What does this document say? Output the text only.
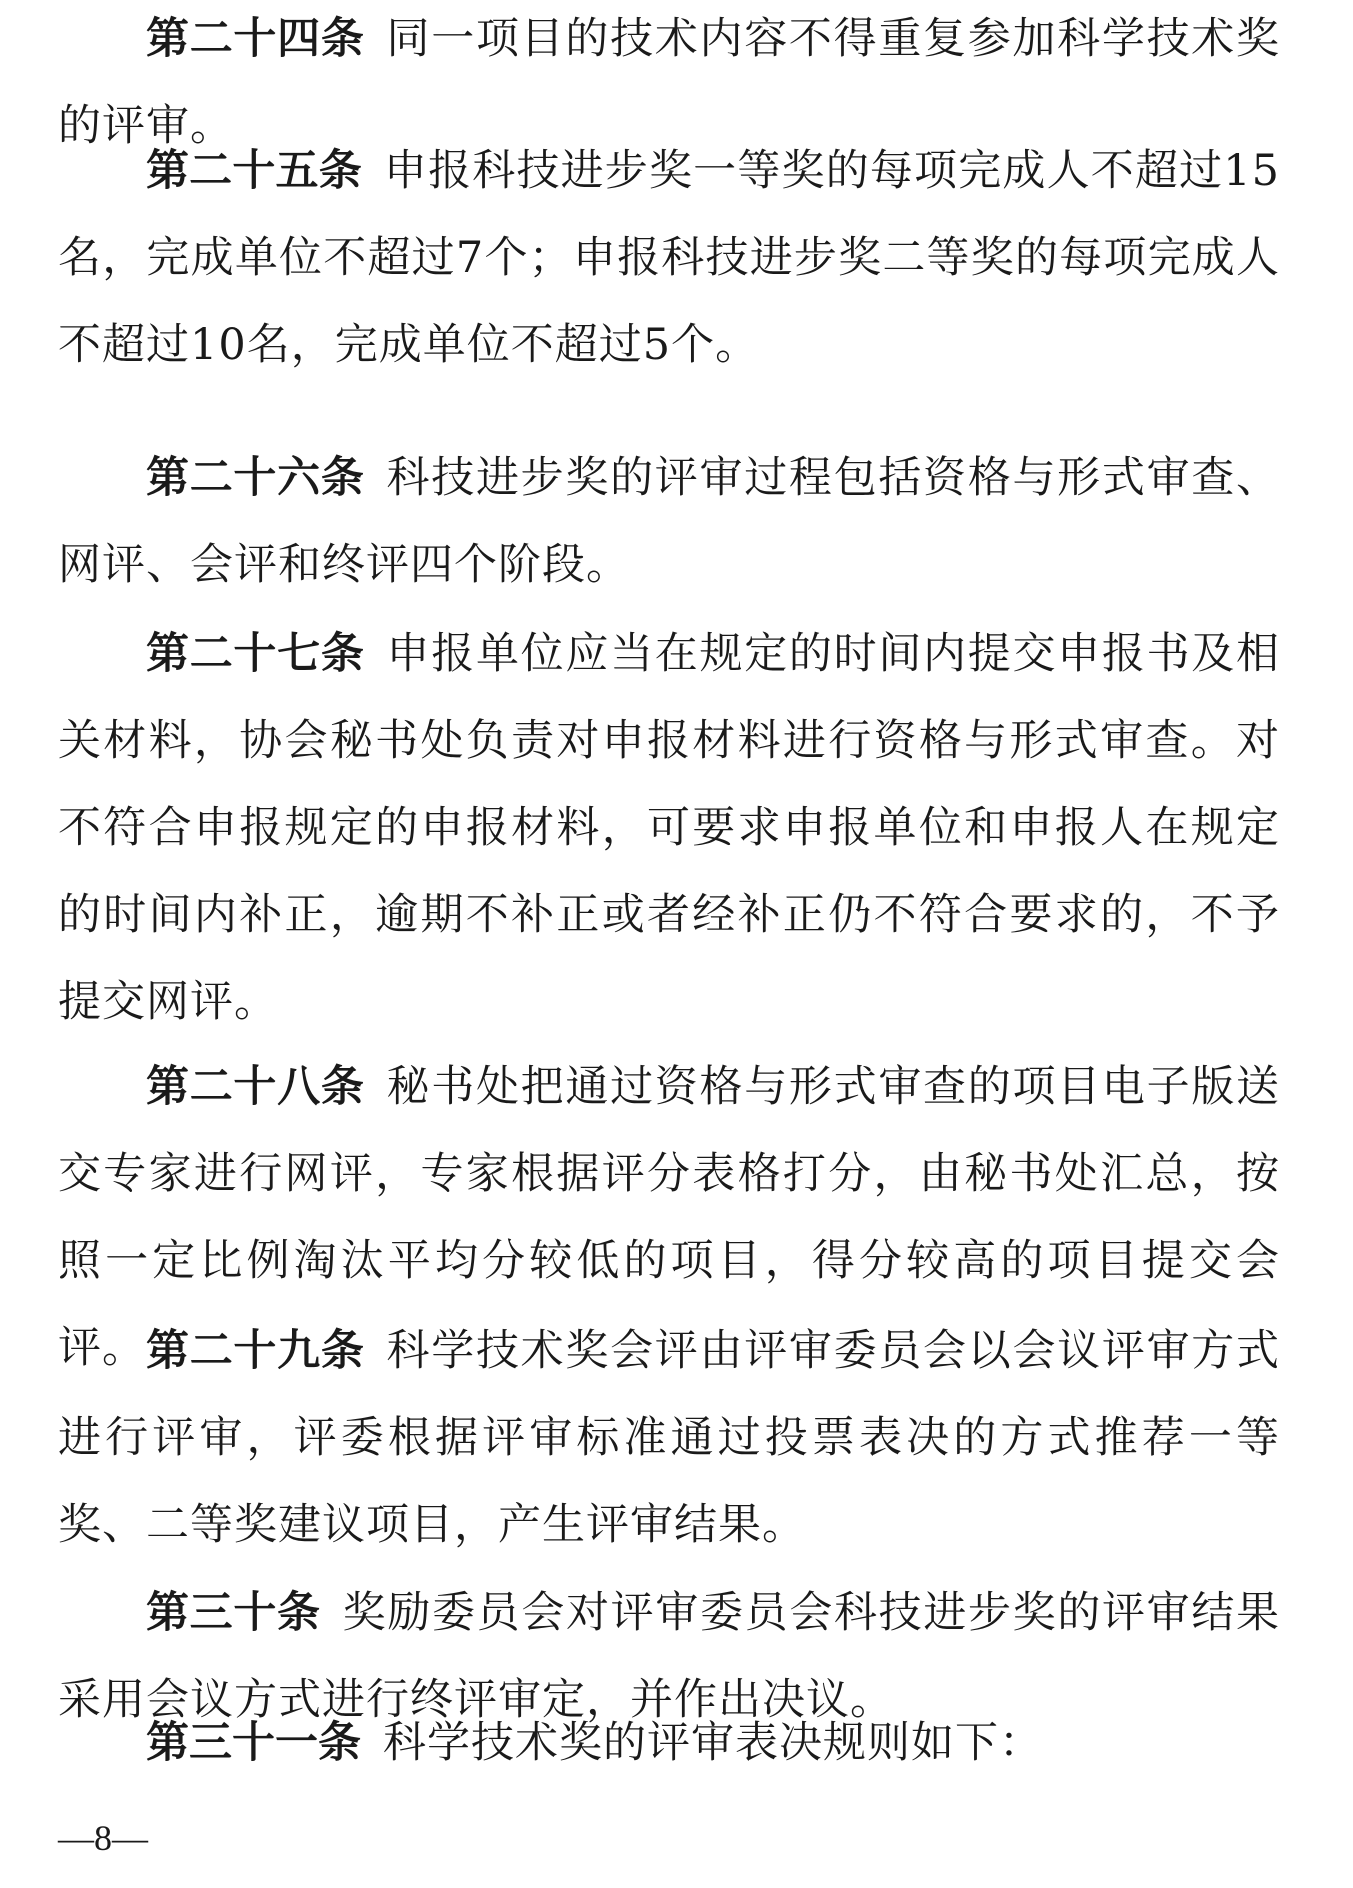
第二十四条 同一项目的技术内容不得重复参加科学技术奖的评审。

第二十五条 申报科技进步奖一等奖的每项完成人不超过15名，完成单位不超过7个；申报科技进步奖二等奖的每项完成人不超过10名，完成单位不超过5个。

第二十六条 科技进步奖的评审过程包括资格与形式审查、网评、会评和终评四个阶段。

第二十七条 申报单位应当在规定的时间内提交申报书及相关材料，协会秘书处负责对申报材料进行资格与形式审查。对不符合申报规定的申报材料，可要求申报单位和申报人在规定的时间内补正，逾期不补正或者经补正仍不符合要求的，不予提交网评。

第二十八条 秘书处把通过资格与形式审查的项目电子版送交专家进行网评，专家根据评分表格打分，由秘书处汇总，按照一定比例淘汰平均分较低的项目，得分较高的项目提交会评。 第二十九条 科学技术奖会评由评审委员会以会议评审方式进行评审，评委根据评审标准通过投票表决的方式推荐一等奖、二等奖建议项目，产生评审结果。

第三十条 奖励委员会对评审委员会科技进步奖的评审结果采用会议方式进行终评审定，并作出决议。

第三十一条 科学技术奖的评审表决规则如下：

—8—
